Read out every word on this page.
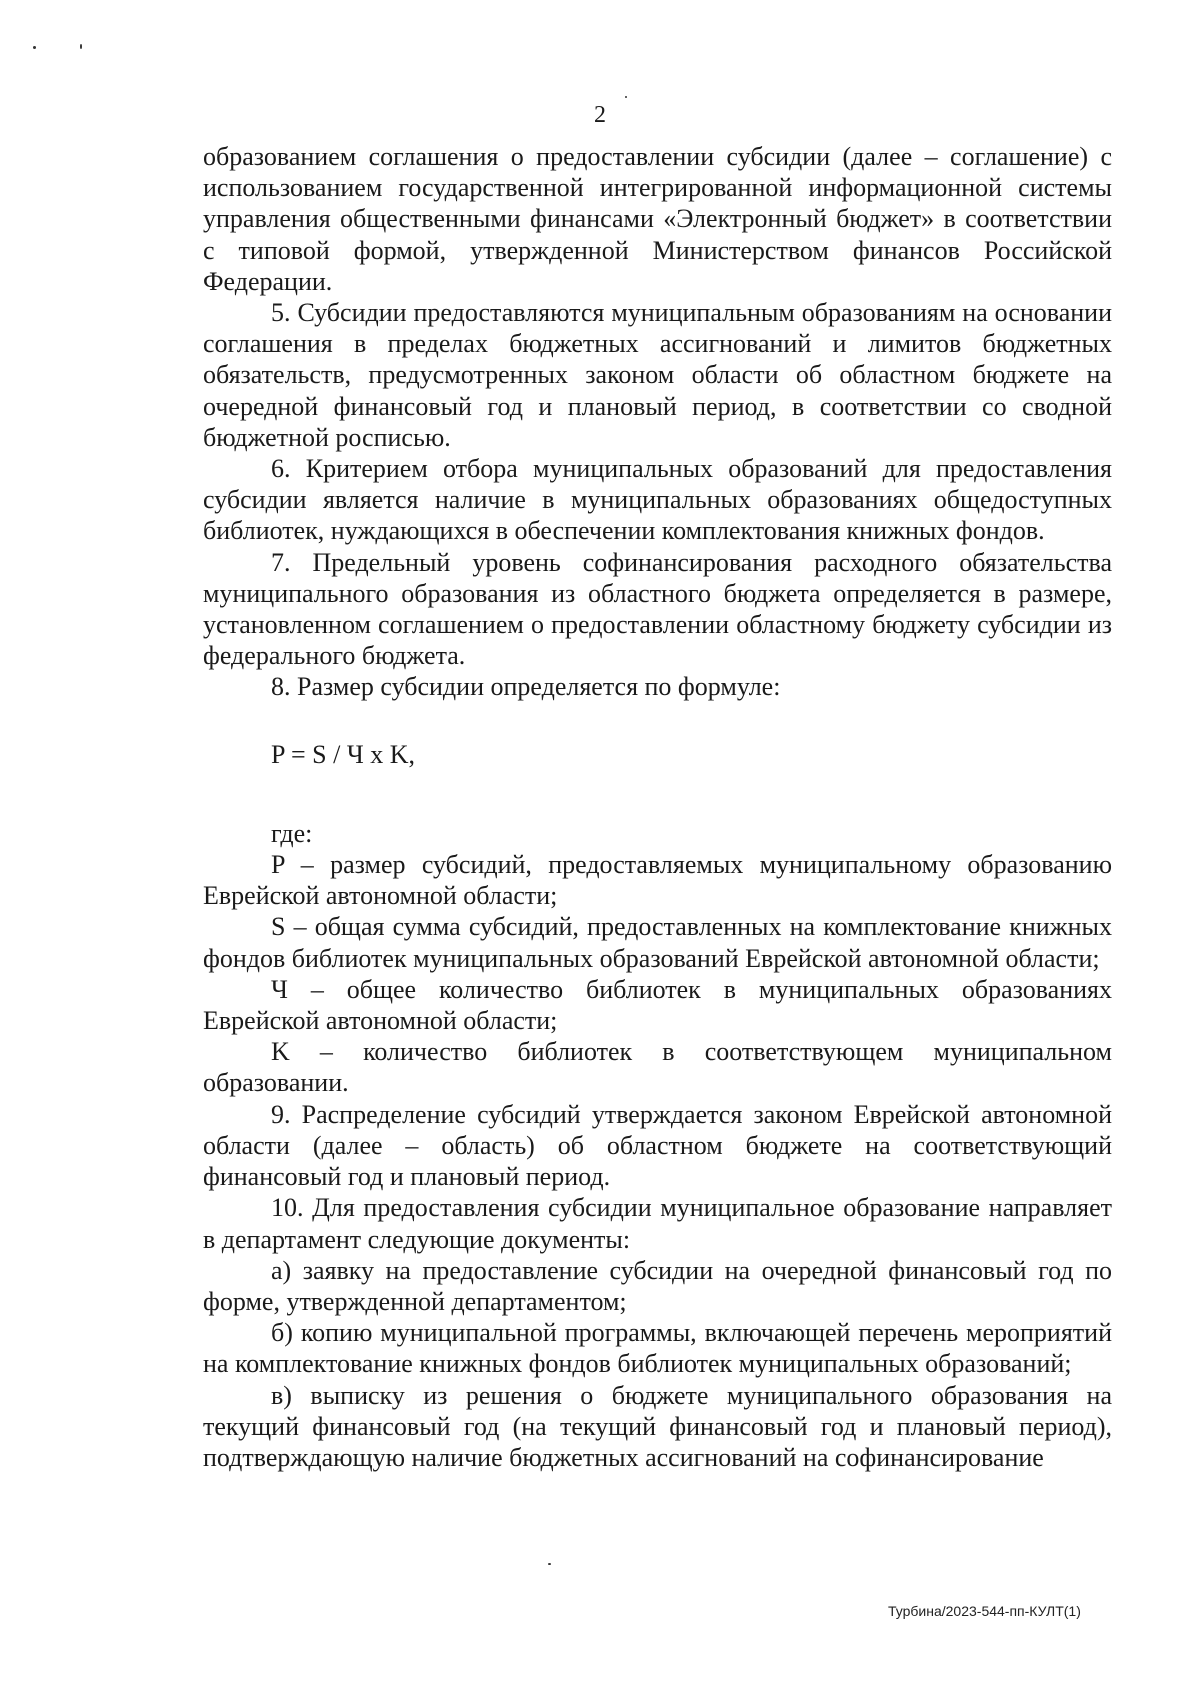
2

образованием соглашения о предоставлении субсидии (далее – соглашение) с использованием государственной интегрированной информационной системы управления общественными финансами «Электронный бюджет» в соответствии с типовой формой, утвержденной Министерством финансов Российской Федерации.

5. Субсидии предоставляются муниципальным образованиям на основании соглашения в пределах бюджетных ассигнований и лимитов бюджетных обязательств, предусмотренных законом области об областном бюджете на очередной финансовый год и плановый период, в соответствии со сводной бюджетной росписью.

6. Критерием отбора муниципальных образований для предоставления субсидии является наличие в муниципальных образованиях общедоступных библиотек, нуждающихся в обеспечении комплектования книжных фондов.

7. Предельный уровень софинансирования расходного обязательства муниципального образования из областного бюджета определяется в размере, установленном соглашением о предоставлении областному бюджету субсидии из федерального бюджета.

8. Размер субсидии определяется по формуле:

P = S / Ч x K,

где:

P – размер субсидий, предоставляемых муниципальному образованию Еврейской автономной области;

S – общая сумма субсидий, предоставленных на комплектование книжных фондов библиотек муниципальных образований Еврейской автономной области;

Ч – общее количество библиотек в муниципальных образованиях Еврейской автономной области;

K – количество библиотек в соответствующем муниципальном образовании.

9. Распределение субсидий утверждается законом Еврейской автономной области (далее – область) об областном бюджете на соответствующий финансовый год и плановый период.

10. Для предоставления субсидии муниципальное образование направляет в департамент следующие документы:

а) заявку на предоставление субсидии на очередной финансовый год по форме, утвержденной департаментом;

б) копию муниципальной программы, включающей перечень мероприятий на комплектование книжных фондов библиотек муниципальных образований;

в) выписку из решения о бюджете муниципального образования на текущий финансовый год (на текущий финансовый год и плановый период), подтверждающую наличие бюджетных ассигнований на софинансирование

Турбина/2023-544-пп-КУЛТ(1)
